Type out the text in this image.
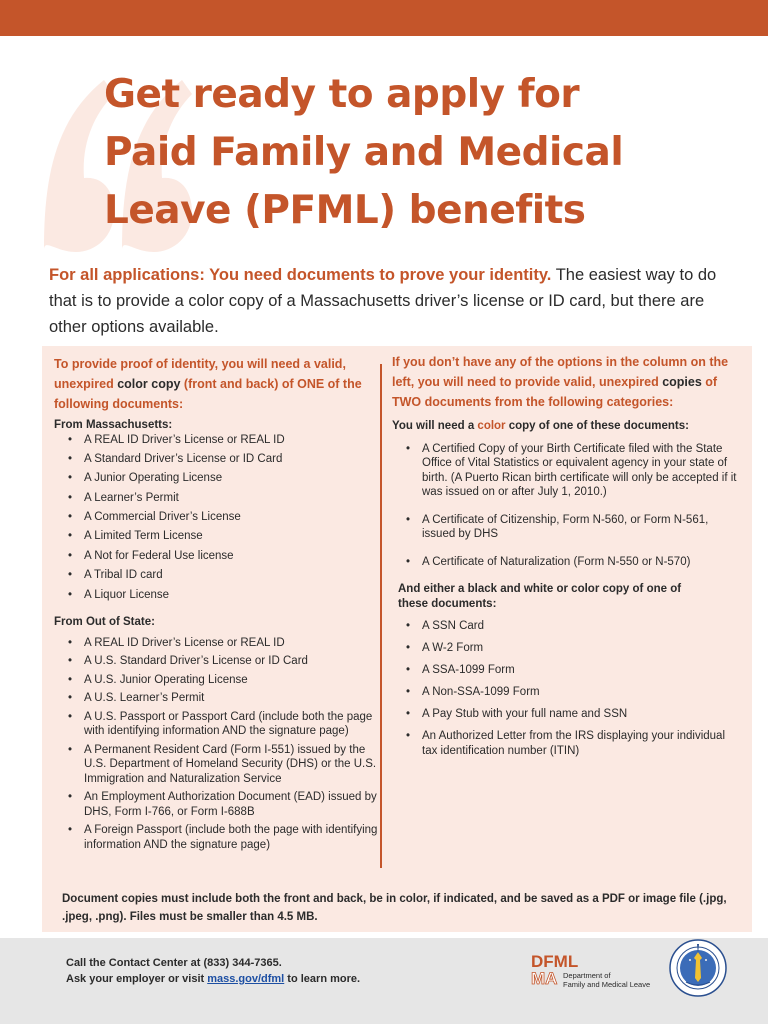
Get ready to apply for
Paid Family and Medical
Leave (PFML) benefits

For all applications: You need documents to prove your identity. The easiest way to do that is to provide a color copy of a Massachusetts driver’s license or ID card, but there are other options available.

To provide proof of identity, you will need a valid, unexpired color copy (front and back) of ONE of the following documents:

From Massachusetts:

• A REAL ID Driver’s License or REAL ID
• A Standard Driver’s License or ID Card
• A Junior Operating License
• A Learner’s Permit
• A Commercial Driver’s License
• A Limited Term License
• A Not for Federal Use license
• A Tribal ID card
• A Liquor License

From Out of State:

• A REAL ID Driver’s License or REAL ID
• A U.S. Standard Driver’s License or ID Card
• A U.S. Junior Operating License
• A U.S. Learner’s Permit
• A U.S. Passport or Passport Card (include both the page with identifying information AND the signature page)
• A Permanent Resident Card (Form I-551) issued by the U.S. Department of Homeland Security (DHS) or the U.S. Immigration and Naturalization Service
• An Employment Authorization Document (EAD) issued by DHS, Form I-766, or Form I-688B
• A Foreign Passport (include both the page with identifying information AND the signature page)

If you don’t have any of the options in the column on the left, you will need to provide valid, unexpired copies of TWO documents from the following categories:

You will need a color copy of one of these documents:

• A Certified Copy of your Birth Certificate filed with the State Office of Vital Statistics or equivalent agency in your state of birth. (A Puerto Rican birth certificate will only be accepted if it was issued on or after July 1, 2010.)
• A Certificate of Citizenship, Form N-560, or Form N-561, issued by DHS
• A Certificate of Naturalization (Form N-550 or N-570)

And either a black and white or color copy of one of these documents:

• A SSN Card
• A W-2 Form
• A SSA-1099 Form
• A Non-SSA-1099 Form
• A Pay Stub with your full name and SSN
• An Authorized Letter from the IRS displaying your individual tax identification number (ITIN)

Document copies must include both the front and back, be in color, if indicated, and be saved as a PDF or image file (.jpg, .jpeg, .png). Files must be smaller than 4.5 MB.

Call the Contact Center at (833) 344-7365.
Ask your employer or visit mass.gov/dfml to learn more.
DFML
MA Department of
Family and Medical Leave
